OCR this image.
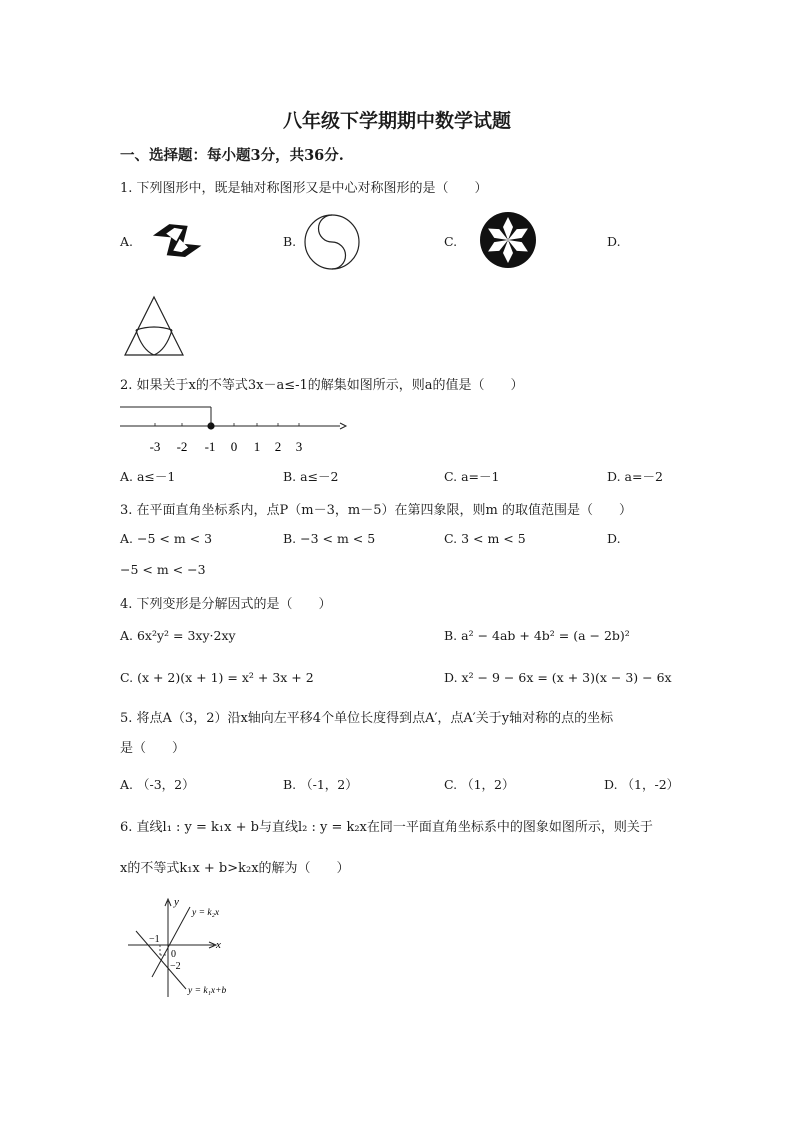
八年级下学期期中数学试题
一、选择题：每小题3分，共36分.
1. 下列图形中，既是轴对称图形又是中心对称图形的是（　　）
A.	B.	C.	D.
2. 如果关于x的不等式3x－a≤-1的解集如图所示，则a的值是（　　）
-3 -2 -1 0 1 2 3
A. a≤－1	B. a≤－2	C. a=－1	D. a=－2
3. 在平面直角坐标系内，点P（m－3，m－5）在第四象限，则m 的取值范围是（　　）
A. −5 < m < 3	B. −3 < m < 5	C. 3 < m < 5	D.
−5 < m < −3
4. 下列变形是分解因式的是（　　）
A. 6x²y² = 3xy·2xy	B. a² − 4ab + 4b² = (a − 2b)²
C. (x + 2)(x + 1) = x² + 3x + 2	D. x² − 9 − 6x = (x + 3)(x − 3) − 6x
5. 将点A（3，2）沿x轴向左平移4个单位长度得到点A′，点A′关于y轴对称的点的坐标
是（　　）
A. （-3，2）	B. （-1，2）	C. （1，2）	D. （1，-2）
6. 直线l₁ : y = k₁x + b与直线l₂ : y = k₂x在同一平面直角坐标系中的图象如图所示，则关于
x的不等式k₁x + b>k₂x的解为（　　）
y
x
0
−1
−2
y = k₂x
y = k₁x+b
